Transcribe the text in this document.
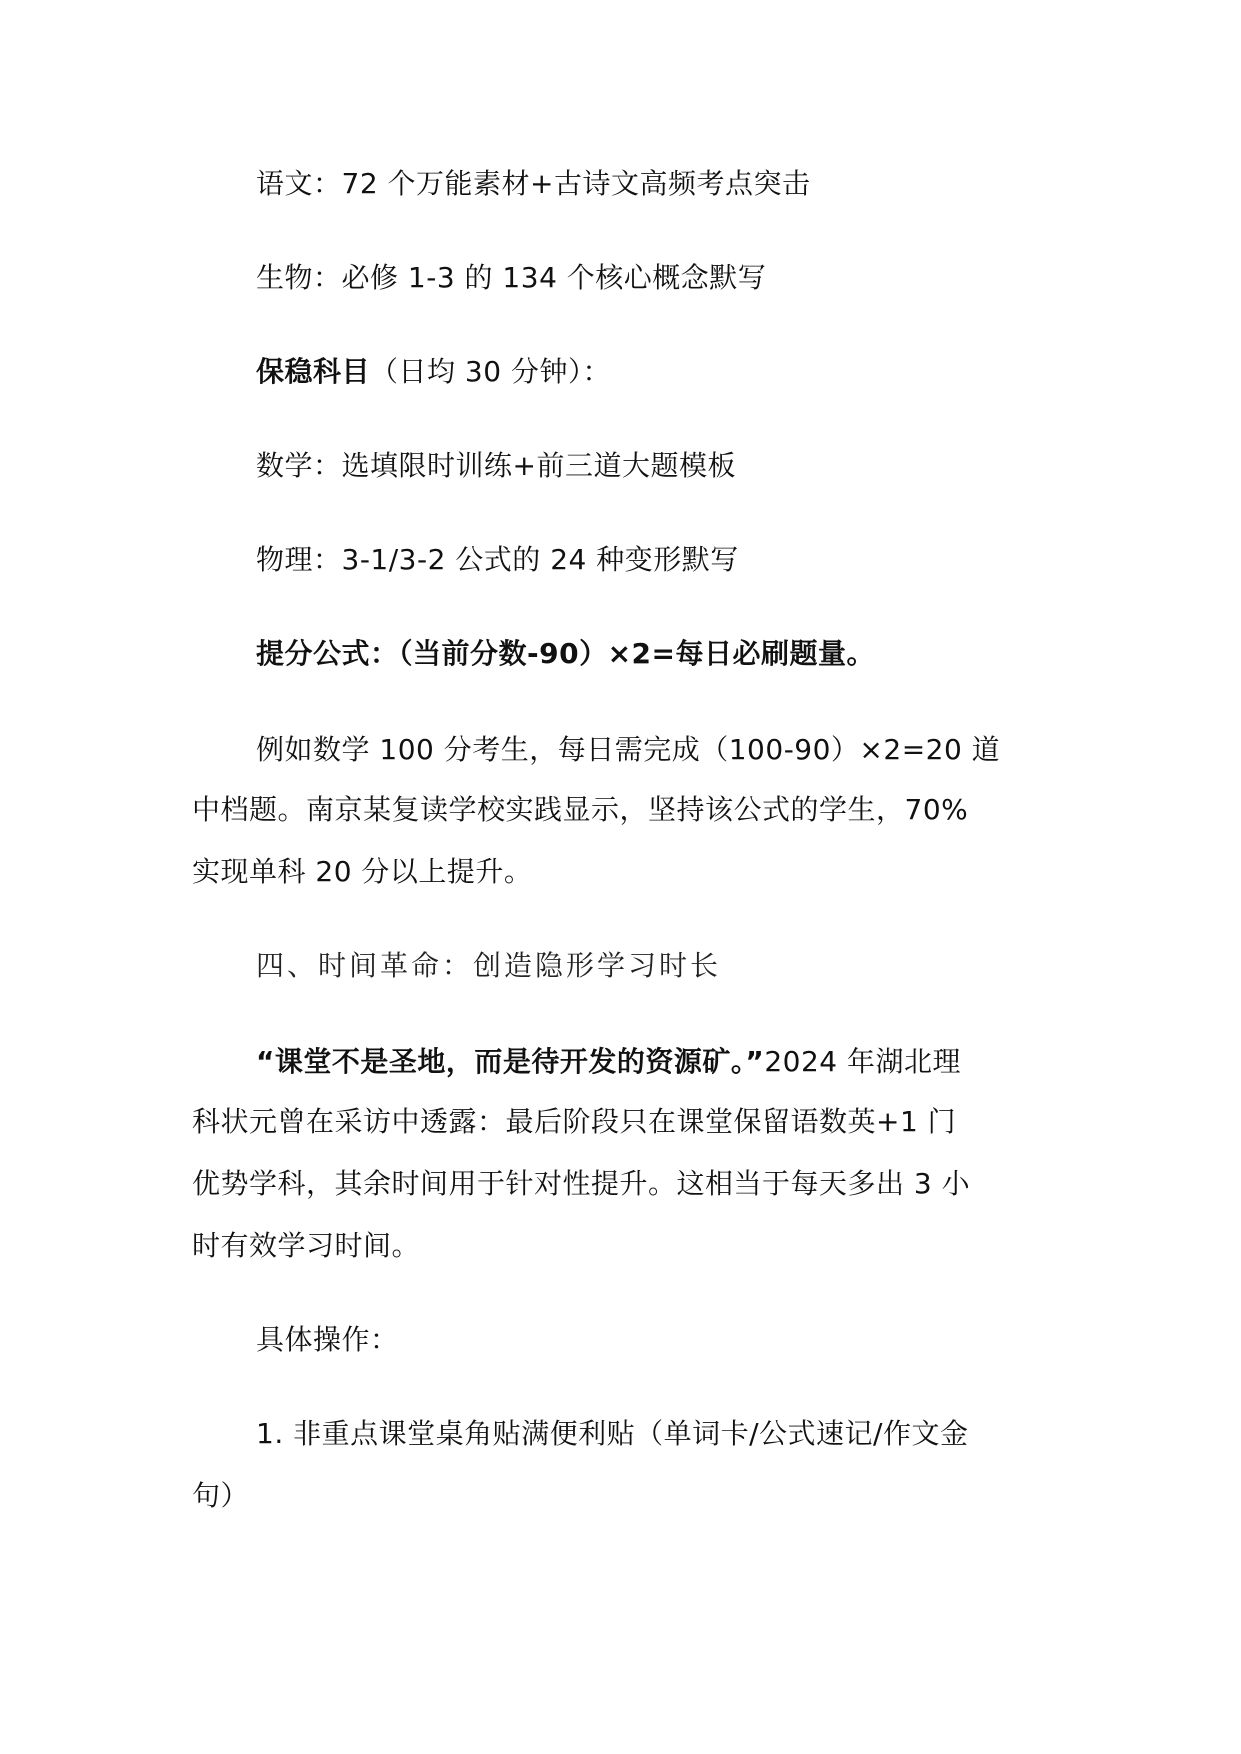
语文：72 个万能素材+古诗文高频考点突击
生物：必修 1-3 的 134 个核心概念默写
保稳科目（日均 30 分钟）：
数学：选填限时训练+前三道大题模板
物理：3-1/3-2 公式的 24 种变形默写
提分公式：（当前分数-90）×2=每日必刷题量。
例如数学 100 分考生，每日需完成（100-90）×2=20 道
中档题。南京某复读学校实践显示，坚持该公式的学生，70%
实现单科 20 分以上提升。
四、时间革命：创造隐形学习时长
“课堂不是圣地，而是待开发的资源矿。”2024 年湖北理
科状元曾在采访中透露：最后阶段只在课堂保留语数英+1 门
优势学科，其余时间用于针对性提升。这相当于每天多出 3 小
时有效学习时间。
具体操作：
1. 非重点课堂桌角贴满便利贴（单词卡/公式速记/作文金
句）
